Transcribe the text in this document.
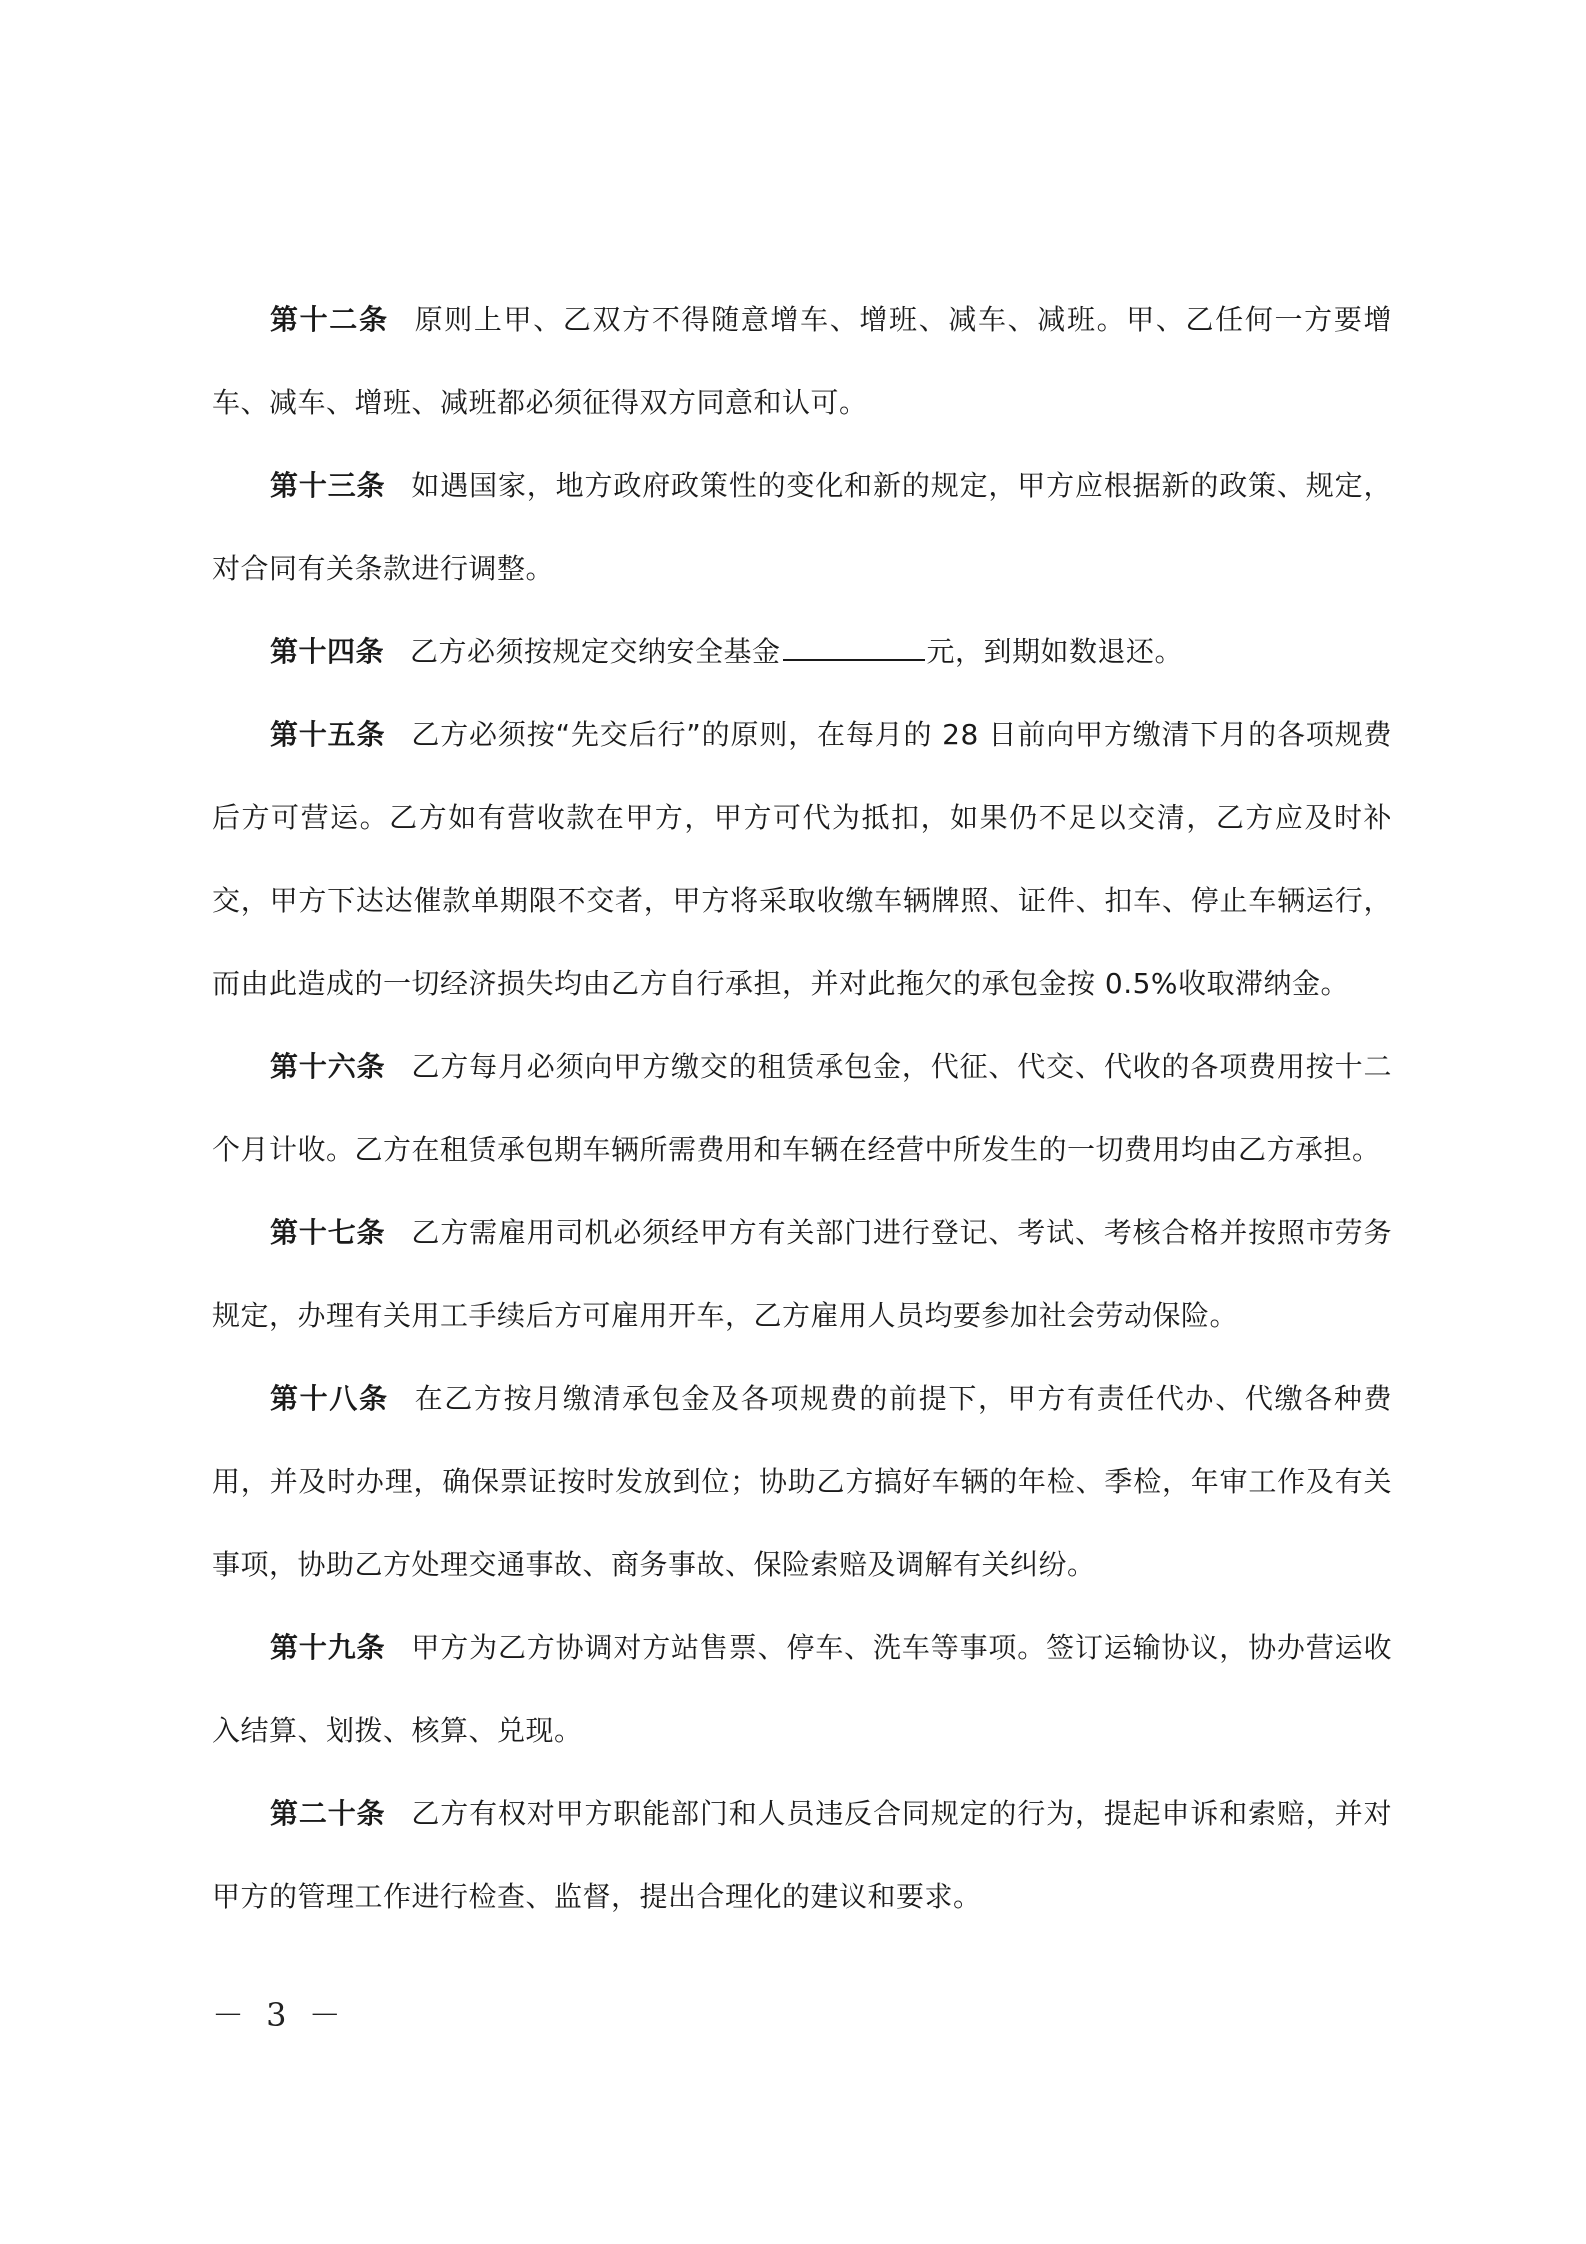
第十二条 原则上甲、乙双方不得随意增车、增班、减车、减班。甲、乙任何一方要增车、减车、增班、减班都必须征得双方同意和认可。

第十三条 如遇国家，地方政府政策性的变化和新的规定，甲方应根据新的政策、规定，对合同有关条款进行调整。

第十四条 乙方必须按规定交纳安全基金	元，到期如数退还。

第十五条 乙方必须按“先交后行”的原则，在每月的 28 日前向甲方缴清下月的各项规费后方可营运。乙方如有营收款在甲方，甲方可代为抵扣，如果仍不足以交清，乙方应及时补交，甲方下达达催款单期限不交者，甲方将采取收缴车辆牌照、证件、扣车、停止车辆运行，而由此造成的一切经济损失均由乙方自行承担，并对此拖欠的承包金按 0.5%收取滞纳金。

第十六条 乙方每月必须向甲方缴交的租赁承包金，代征、代交、代收的各项费用按十二个月计收。乙方在租赁承包期车辆所需费用和车辆在经营中所发生的一切费用均由乙方承担。

第十七条 乙方需雇用司机必须经甲方有关部门进行登记、考试、考核合格并按照市劳务规定，办理有关用工手续后方可雇用开车，乙方雇用人员均要参加社会劳动保险。

第十八条 在乙方按月缴清承包金及各项规费的前提下，甲方有责任代办、代缴各种费用，并及时办理，确保票证按时发放到位；协助乙方搞好车辆的年检、季检，年审工作及有关事项，协助乙方处理交通事故、商务事故、保险索赔及调解有关纠纷。

第十九条 甲方为乙方协调对方站售票、停车、洗车等事项。签订运输协议，协办营运收入结算、划拨、核算、兑现。

第二十条 乙方有权对甲方职能部门和人员违反合同规定的行为，提起申诉和索赔，并对甲方的管理工作进行检查、监督，提出合理化的建议和要求。

－ 3 －
